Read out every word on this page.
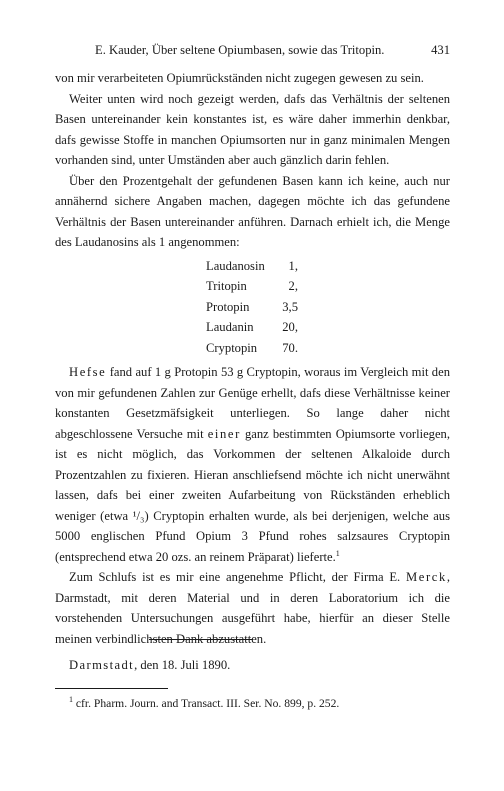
E. Kauder, Über seltene Opiumbasen, sowie das Tritopin.	431

von mir verarbeiteten Opiumrückständen nicht zugegen gewesen zu sein.

Weiter unten wird noch gezeigt werden, dafs das Verhältnis der seltenen Basen untereinander kein konstantes ist, es wäre daher immerhin denkbar, dafs gewisse Stoffe in manchen Opiumsorten nur in ganz minimalen Mengen vorhanden sind, unter Umständen aber auch gänzlich darin fehlen.

Über den Prozentgehalt der gefundenen Basen kann ich keine, auch nur annähernd sichere Angaben machen, dagegen möchte ich das gefundene Verhältnis der Basen untereinander anführen. Darnach erhielt ich, die Menge des Laudanosins als 1 angenommen:

Laudanosin 1,
Tritopin	2,
Protopin	3,5
Laudanin 20,
Cryptopin 70.

Hefse fand auf 1 g Protopin 53 g Cryptopin, woraus im Vergleich mit den von mir gefundenen Zahlen zur Genüge erhellt, dafs diese Verhältnisse keiner konstanten Gesetzmäfsigkeit unterliegen. So lange daher nicht abgeschlossene Versuche mit einer ganz bestimmten Opiumsorte vorliegen, ist es nicht möglich, das Vorkommen der seltenen Alkaloide durch Prozentzahlen zu fixieren. Hieran anschliefsend möchte ich nicht unerwähnt lassen, dafs bei einer zweiten Aufarbeitung von Rückständen erheblich weniger (etwa ¹/₃) Cryptopin erhalten wurde, als bei derjenigen, welche aus 5000 englischen Pfund Opium 3 Pfund rohes salzsaures Cryptopin (entsprechend etwa 20 ozs. an reinem Präparat) lieferte.$^1$

Zum Schlufs ist es mir eine angenehme Pflicht, der Firma E. Merck, Darmstadt, mit deren Material und in deren Laboratorium ich die vorstehenden Untersuchungen ausgeführt habe, hierfür an dieser Stelle meinen verbindlichsten Dank abzustatten.

Darmstadt, den 18. Juli 1890.
$^1$ cfr. Pharm. Journ. and Transact. III. Ser. No. 899, p. 252.
